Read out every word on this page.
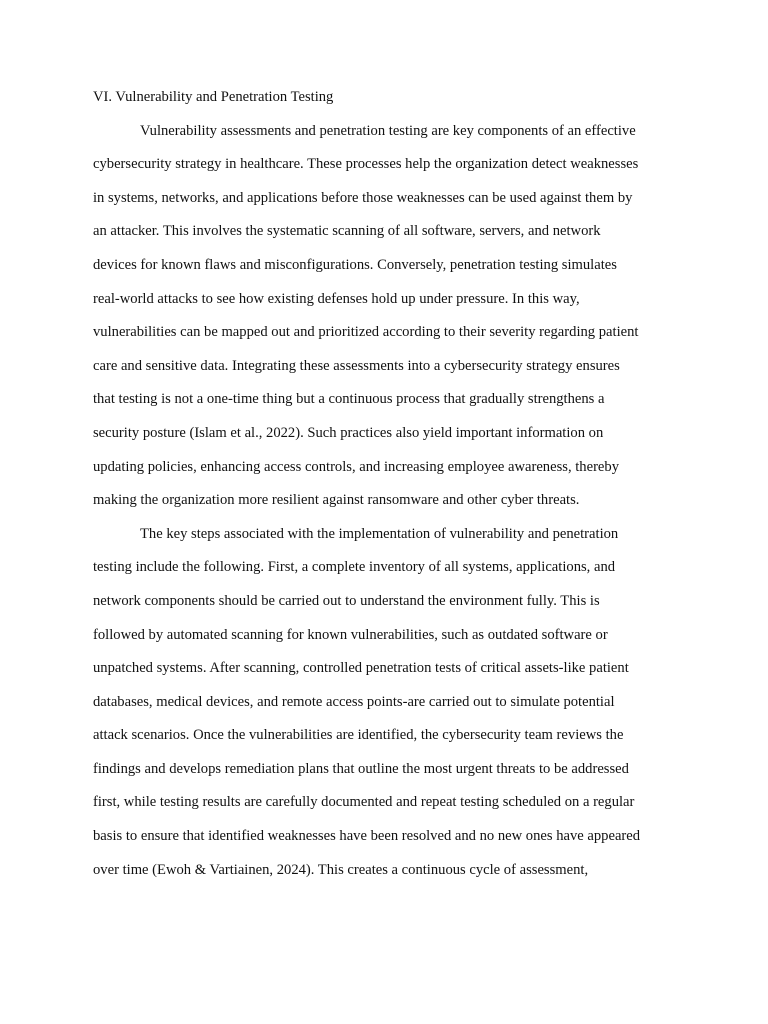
VI. Vulnerability and Penetration Testing

Vulnerability assessments and penetration testing are key components of an effective
cybersecurity strategy in healthcare. These processes help the organization detect weaknesses
in systems, networks, and applications before those weaknesses can be used against them by
an attacker. This involves the systematic scanning of all software, servers, and network
devices for known flaws and misconfigurations. Conversely, penetration testing simulates
real-world attacks to see how existing defenses hold up under pressure. In this way,
vulnerabilities can be mapped out and prioritized according to their severity regarding patient
care and sensitive data. Integrating these assessments into a cybersecurity strategy ensures
that testing is not a one-time thing but a continuous process that gradually strengthens a
security posture (Islam et al., 2022). Such practices also yield important information on
updating policies, enhancing access controls, and increasing employee awareness, thereby
making the organization more resilient against ransomware and other cyber threats.
The key steps associated with the implementation of vulnerability and penetration
testing include the following. First, a complete inventory of all systems, applications, and
network components should be carried out to understand the environment fully. This is
followed by automated scanning for known vulnerabilities, such as outdated software or
unpatched systems. After scanning, controlled penetration tests of critical assets-like patient
databases, medical devices, and remote access points-are carried out to simulate potential
attack scenarios. Once the vulnerabilities are identified, the cybersecurity team reviews the
findings and develops remediation plans that outline the most urgent threats to be addressed
first, while testing results are carefully documented and repeat testing scheduled on a regular
basis to ensure that identified weaknesses have been resolved and no new ones have appeared
over time (Ewoh & Vartiainen, 2024). This creates a continuous cycle of assessment,
